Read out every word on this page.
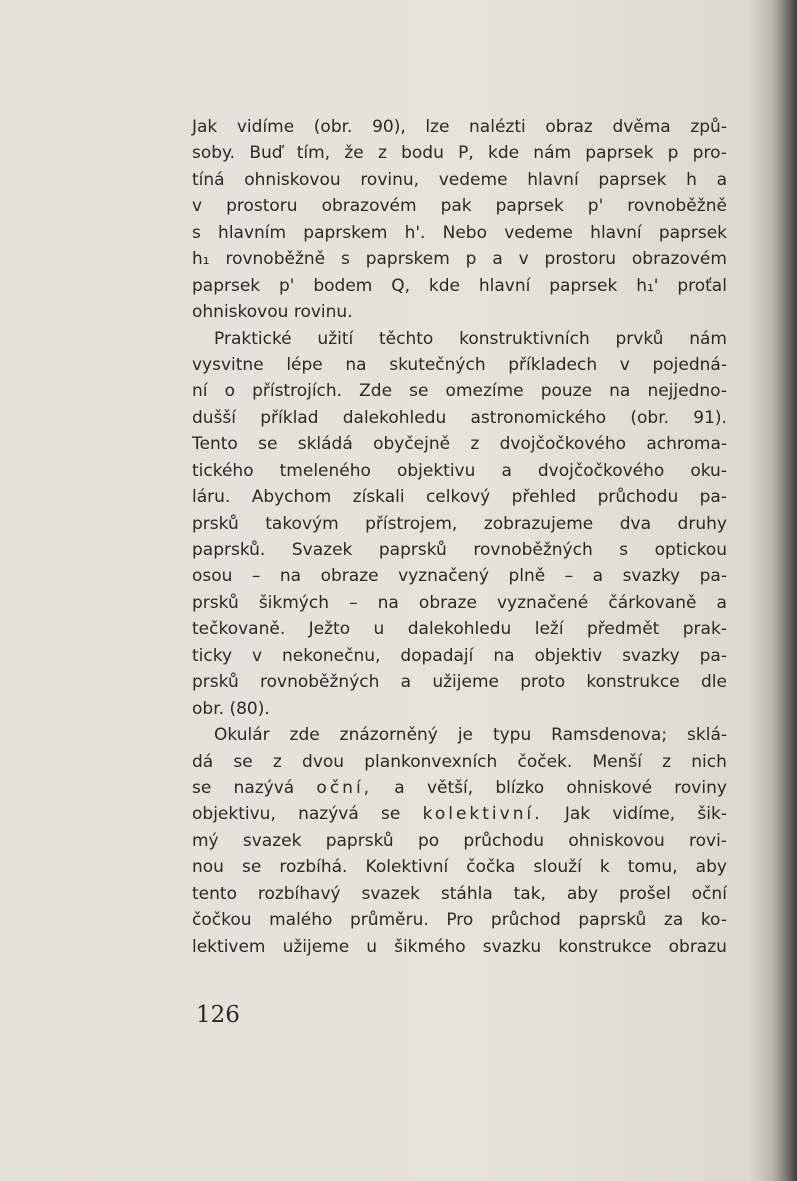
Jak vidíme (obr. 90), lze nalézti obraz dvěma způ-
soby. Buď tím, že z bodu P, kde nám paprsek p pro-
tíná ohniskovou rovinu, vedeme hlavní paprsek h a
v prostoru obrazovém pak paprsek p' rovnoběžně
s hlavním paprskem h'. Nebo vedeme hlavní paprsek
h₁ rovnoběžně s paprskem p a v prostoru obrazovém
paprsek p' bodem Q, kde hlavní paprsek h₁' proťal
ohniskovou rovinu.
Praktické užití těchto konstruktivních prvků nám
vysvitne lépe na skutečných příkladech v pojedná-
ní o přístrojích. Zde se omezíme pouze na nejjedno-
dušší příklad dalekohledu astronomického (obr. 91).
Tento se skládá obyčejně z dvojčočkového achroma-
tického tmeleného objektivu a dvojčočkového oku-
láru. Abychom získali celkový přehled průchodu pa-
prsků takovým přístrojem, zobrazujeme dva druhy
paprsků. Svazek paprsků rovnoběžných s optickou
osou – na obraze vyznačený plně – a svazky pa-
prsků šikmých – na obraze vyznačené čárkovaně a
tečkovaně. Ježto u dalekohledu leží předmět prak-
ticky v nekonečnu, dopadají na objektiv svazky pa-
prsků rovnoběžných a užijeme proto konstrukce dle
obr. (80).
Okulár zde znázorněný je typu Ramsdenova; sklá-
dá se z dvou plankonvexních čoček. Menší z nich
se nazývá oční, a větší, blízko ohniskové roviny
objektivu, nazývá se kolektivní. Jak vidíme, šik-
mý svazek paprsků po průchodu ohniskovou rovi-
nou se rozbíhá. Kolektivní čočka slouží k tomu, aby
tento rozbíhavý svazek stáhla tak, aby prošel oční
čočkou malého průměru. Pro průchod paprsků za ko-
lektivem užijeme u šikmého svazku konstrukce obrazu
126
